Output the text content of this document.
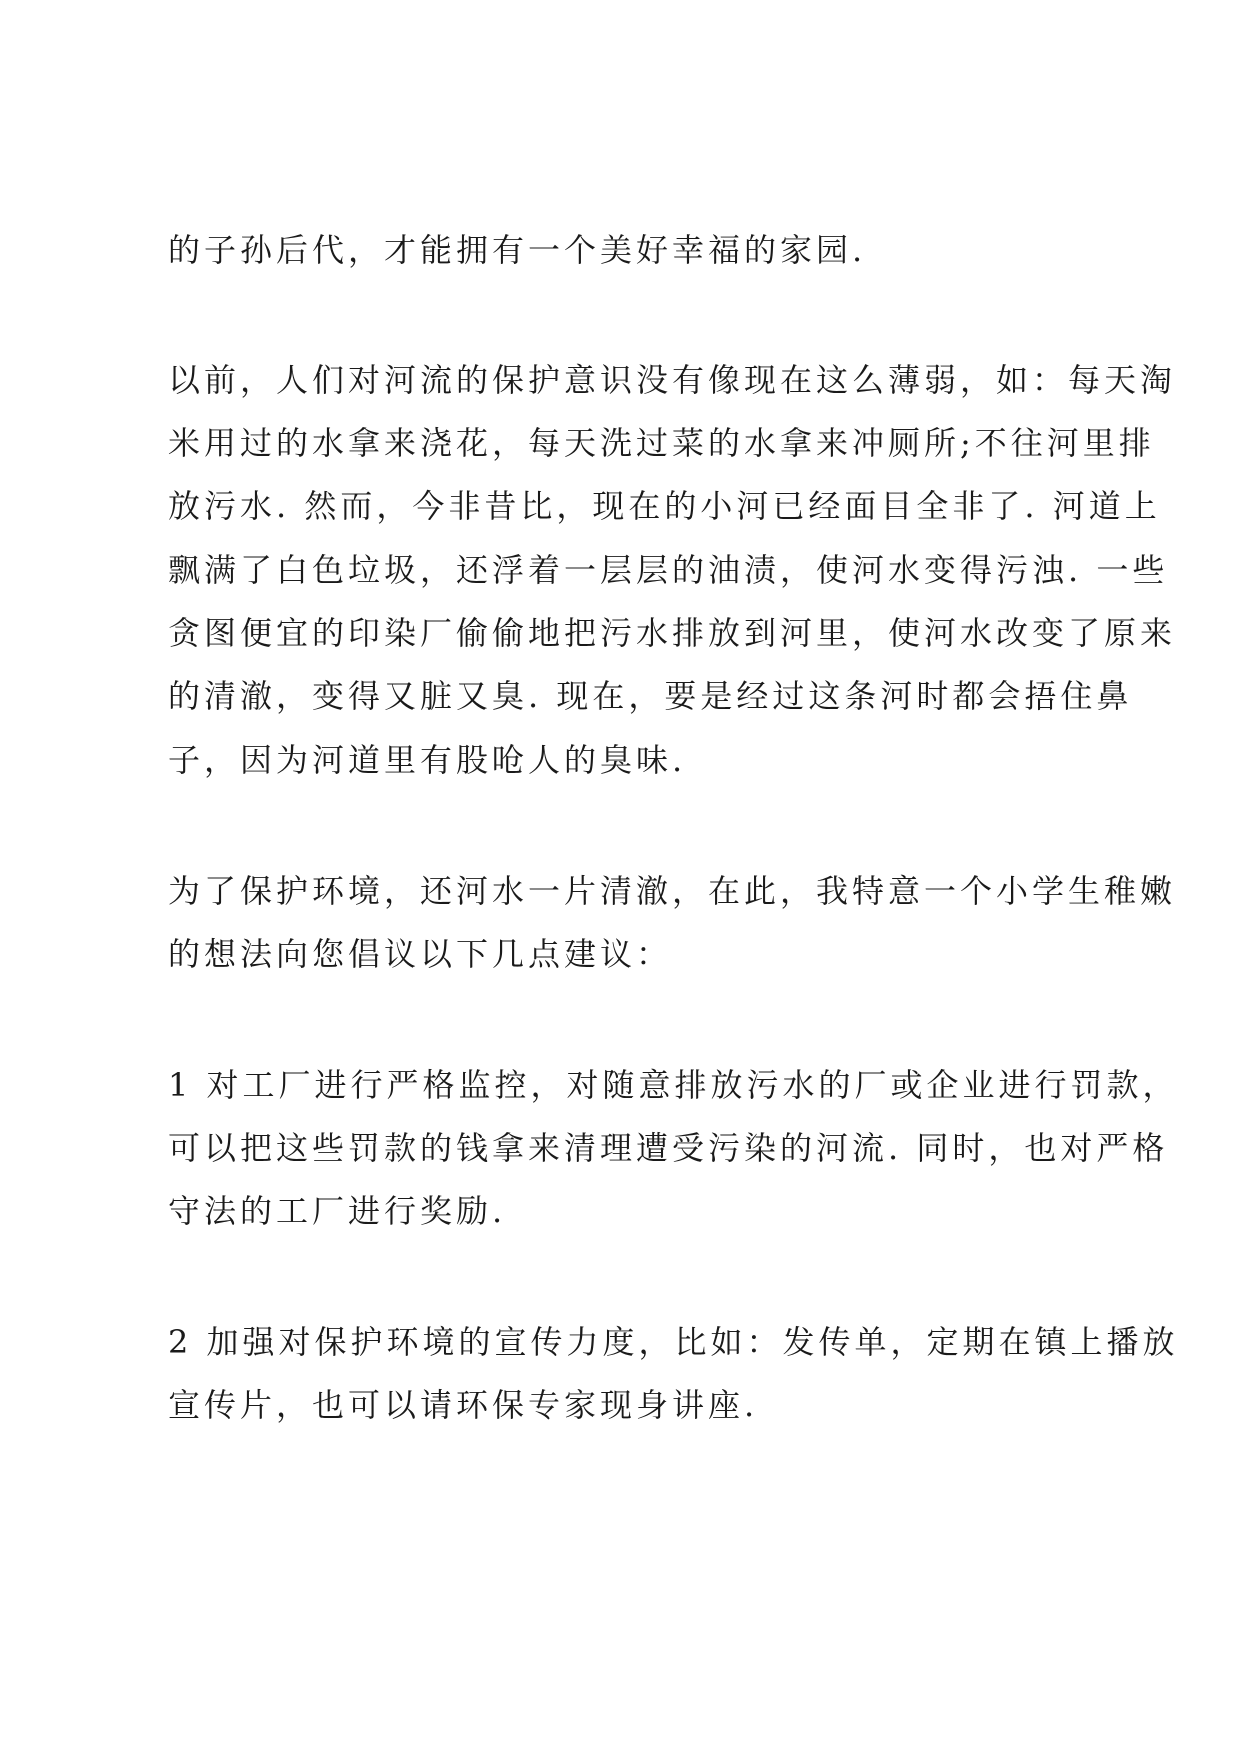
的子孙后代，才能拥有一个美好幸福的家园.
以前，人们对河流的保护意识没有像现在这么薄弱，如：每天淘
米用过的水拿来浇花，每天洗过菜的水拿来冲厕所;不往河里排
放污水. 然而，今非昔比，现在的小河已经面目全非了. 河道上
飘满了白色垃圾，还浮着一层层的油渍，使河水变得污浊. 一些
贪图便宜的印染厂偷偷地把污水排放到河里，使河水改变了原来
的清澈，变得又脏又臭. 现在，要是经过这条河时都会捂住鼻
子，因为河道里有股呛人的臭味.
为了保护环境，还河水一片清澈，在此，我特意一个小学生稚嫩
的想法向您倡议以下几点建议：
1 对工厂进行严格监控，对随意排放污水的厂或企业进行罚款，
可以把这些罚款的钱拿来清理遭受污染的河流. 同时，也对严格
守法的工厂进行奖励.
2 加强对保护环境的宣传力度，比如：发传单，定期在镇上播放
宣传片，也可以请环保专家现身讲座.
